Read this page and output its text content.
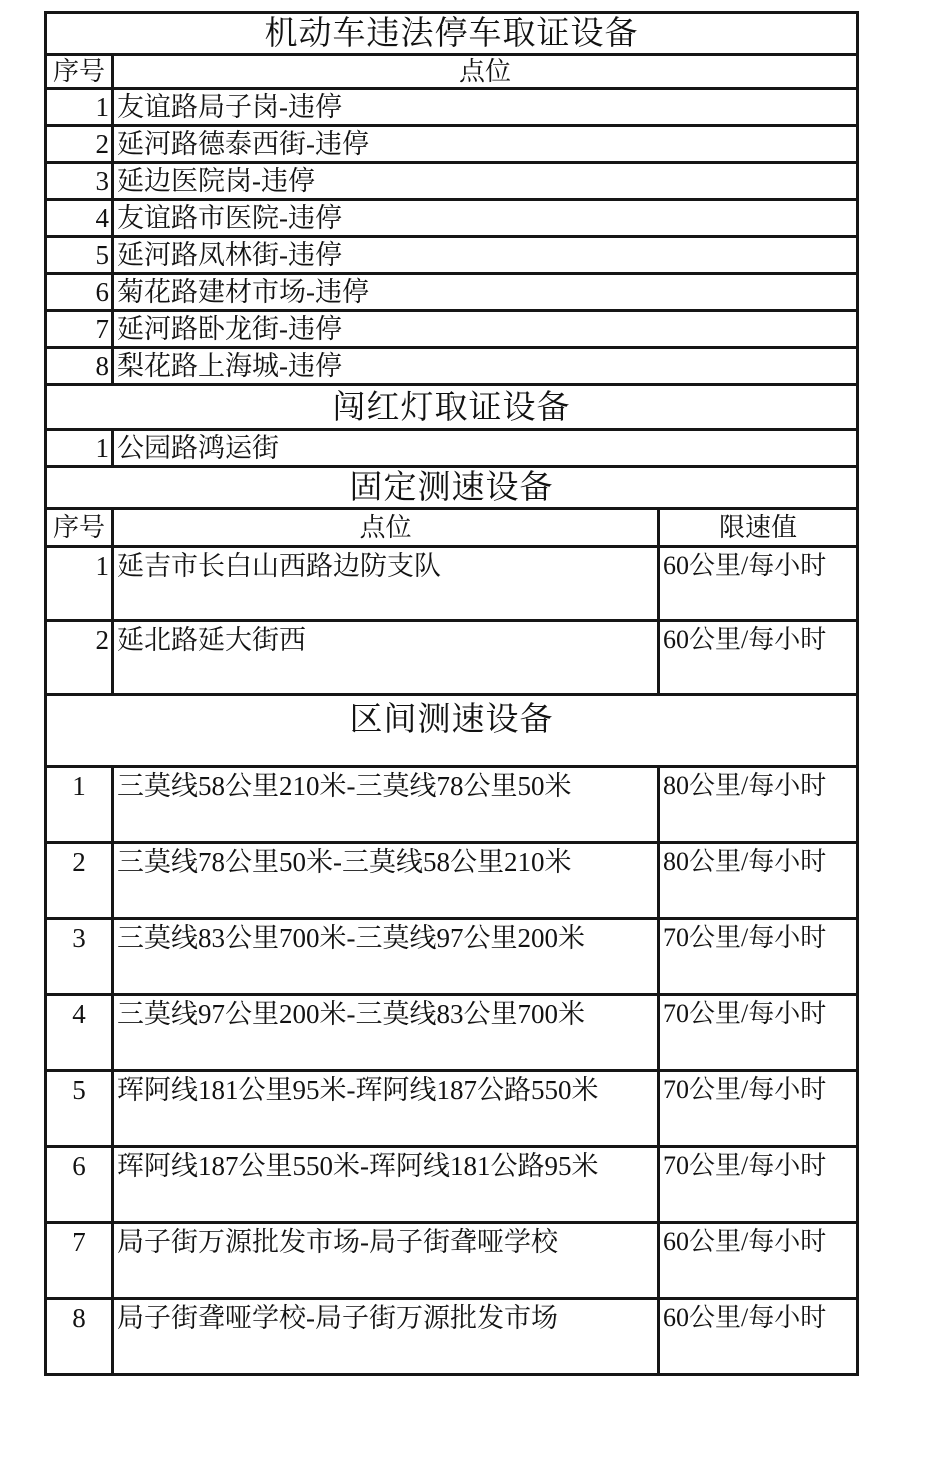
机动车违法停车取证设备		
序号	点位	
1	友谊路局子岗-违停	
2	延河路德泰西街-违停	
3	延边医院岗-违停	
4	友谊路市医院-违停	
5	延河路凤林街-违停	
6	菊花路建材市场-违停	
7	延河路卧龙街-违停	
8	梨花路上海城-违停	
闯红灯取证设备		
1	公园路鸿运街	
固定测速设备		
序号	点位	限速值
1	延吉市长白山西路边防支队	60公里/每小时
2	延北路延大街西	60公里/每小时
区间测速设备		
1	三莫线58公里210米-三莫线78公里50米	80公里/每小时
2	三莫线78公里50米-三莫线58公里210米	80公里/每小时
3	三莫线83公里700米-三莫线97公里200米	70公里/每小时
4	三莫线97公里200米-三莫线83公里700米	70公里/每小时
5	珲阿线181公里95米-珲阿线187公路550米	70公里/每小时
6	珲阿线187公里550米-珲阿线181公路95米	70公里/每小时
7	局子街万源批发市场-局子街聋哑学校	60公里/每小时
8	局子街聋哑学校-局子街万源批发市场	60公里/每小时
